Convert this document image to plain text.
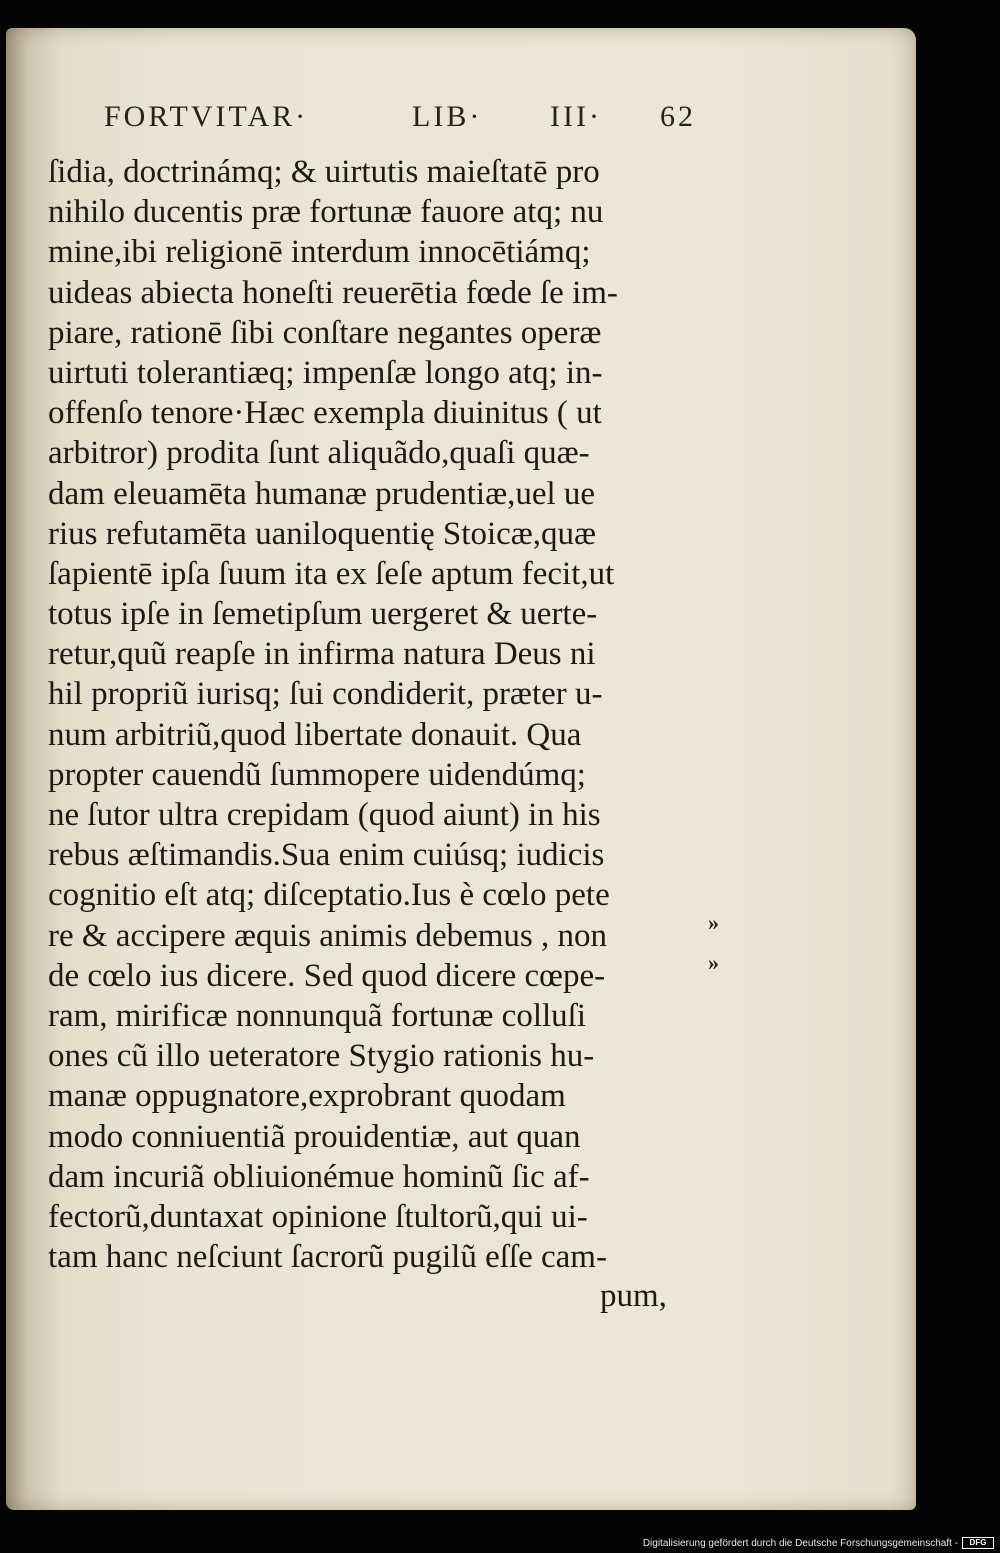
FORTVITAR·	LIB· III· 62
ſidia, doctrinámq; & uirtutis maieſtatē pro
nihilo ducentis præ fortunæ fauore atq; nu
mine,ibi religionē interdum innocētiámq;
uideas abiecta honeſti reuerētia fœde ſe im-
piare, rationē ſibi conſtare negantes operæ
uirtuti tolerantiæq; impenſæ longo atq; in-
offenſo tenore·Hæc exempla diuinitus ( ut
arbitror) prodita ſunt aliquãdo,quaſi quæ-
dam eleuamēta humanæ prudentiæ,uel ue
rius refutamēta uaniloquentię Stoicæ,quæ
ſapientē ipſa ſuum ita ex ſeſe aptum fecit,ut
totus ipſe in ſemetipſum uergeret & uerte-
retur,quũ reapſe in infirma natura Deus ni
hil propriũ iurisq; ſui condiderit, præter u-
num arbitriũ,quod libertate donauit. Qua
propter cauendũ ſummopere uidendúmq;
ne ſutor ultra crepidam (quod aiunt) in his
rebus æſtimandis.Sua enim cuiúsq; iudicis
cognitio eſt atq; diſceptatio.Ius è cœlo pete
re & accipere æquis animis debemus , non
de cœlo ius dicere. Sed quod dicere cœpe-
ram, mirificæ nonnunquã fortunæ colluſi
ones cũ illo ueteratore Stygio rationis hu-
manæ oppugnatore,exprobrant quodam
modo conniuentiã prouidentiæ, aut quan
dam incuriã obliuionémue hominũ ſic af-
fectorũ,duntaxat opinione ſtultorũ,qui ui-
tam hanc neſciunt ſacrorũ pugilũ eſſe cam-
»
»
pum,
Digitalisierung gefördert durch die Deutsche Forschungsgemeinschaft -	DFG
